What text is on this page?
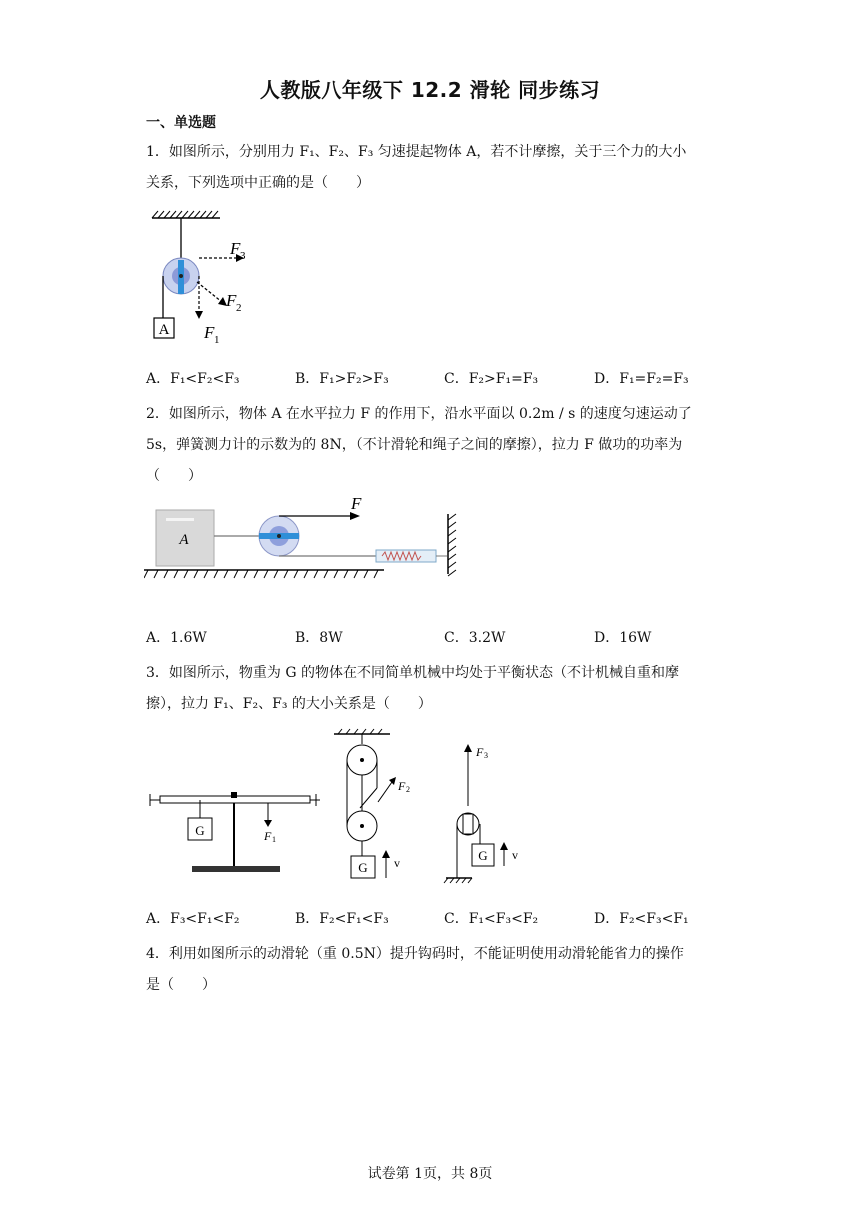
人教版八年级下 12.2 滑轮 同步练习
一、单选题
1．如图所示，分别用力 F₁、F₂、F₃ 匀速提起物体 A，若不计摩擦，关于三个力的大小
关系，下列选项中正确的是（　　）
A F 1
F 2
F 3
A．F₁<F₂<F₃	B．F₁>F₂>F₃	C．F₂>F₁=F₃	D．F₁=F₂=F₃
2．如图所示，物体 A 在水平拉力 F 的作用下，沿水平面以 0.2m / s 的速度匀速运动了
5s，弹簧测力计的示数为的 8N，（不计滑轮和绳子之间的摩擦），拉力 F 做功的功率为
（　　）
A
F
A．1.6W	B．8W	C．3.2W	D．16W
3．如图所示，物重为 G 的物体在不同简单机械中均处于平衡状态（不计机械自重和摩
擦），拉力 F₁、F₂、F₃ 的大小关系是（　　）
G	F 1
F 2
G v
F 3
G v
A．F₃<F₁<F₂	B．F₂<F₁<F₃	C．F₁<F₃<F₂	D．F₂<F₃<F₁
4．利用如图所示的动滑轮（重 0.5N）提升钩码时，不能证明使用动滑轮能省力的操作
是（　　）
试卷第 1页，共 8页
